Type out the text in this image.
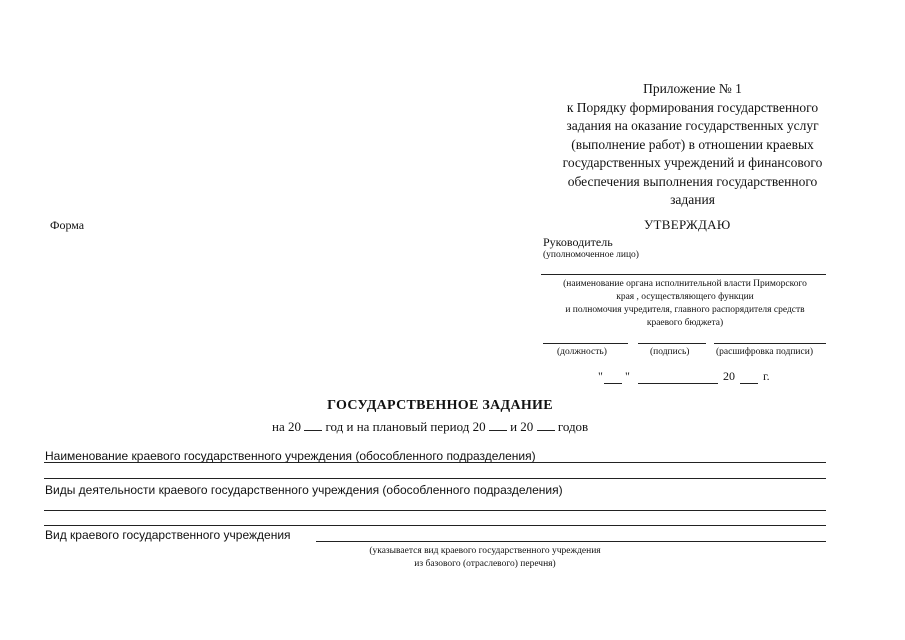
Приложение № 1
к Порядку формирования государственного
задания на оказание государственных услуг
(выполнение работ) в отношении краевых
государственных учреждений и финансового
обеспечения выполнения государственного
задания
Форма	УТВЕРЖДАЮ
Руководитель
(уполномоченное лицо)
(наименование органа исполнительной власти Приморского
края , осуществляющего функции
и полномочия учредителя, главного распорядителя средств
краевого бюджета)
(должность)	(подпись)	(расшифровка подписи)
" "	20 г.
ГОСУДАРСТВЕННОЕ ЗАДАНИЕ
на 20 год и на плановый период 20 и 20 годов
Наименование краевого государственного учреждения (обособленного подразделения)
Виды деятельности краевого государственного учреждения (обособленного подразделения)
Вид краевого государственного учреждения
(указывается вид краевого государственного учреждения
из базового (отраслевого) перечня)
